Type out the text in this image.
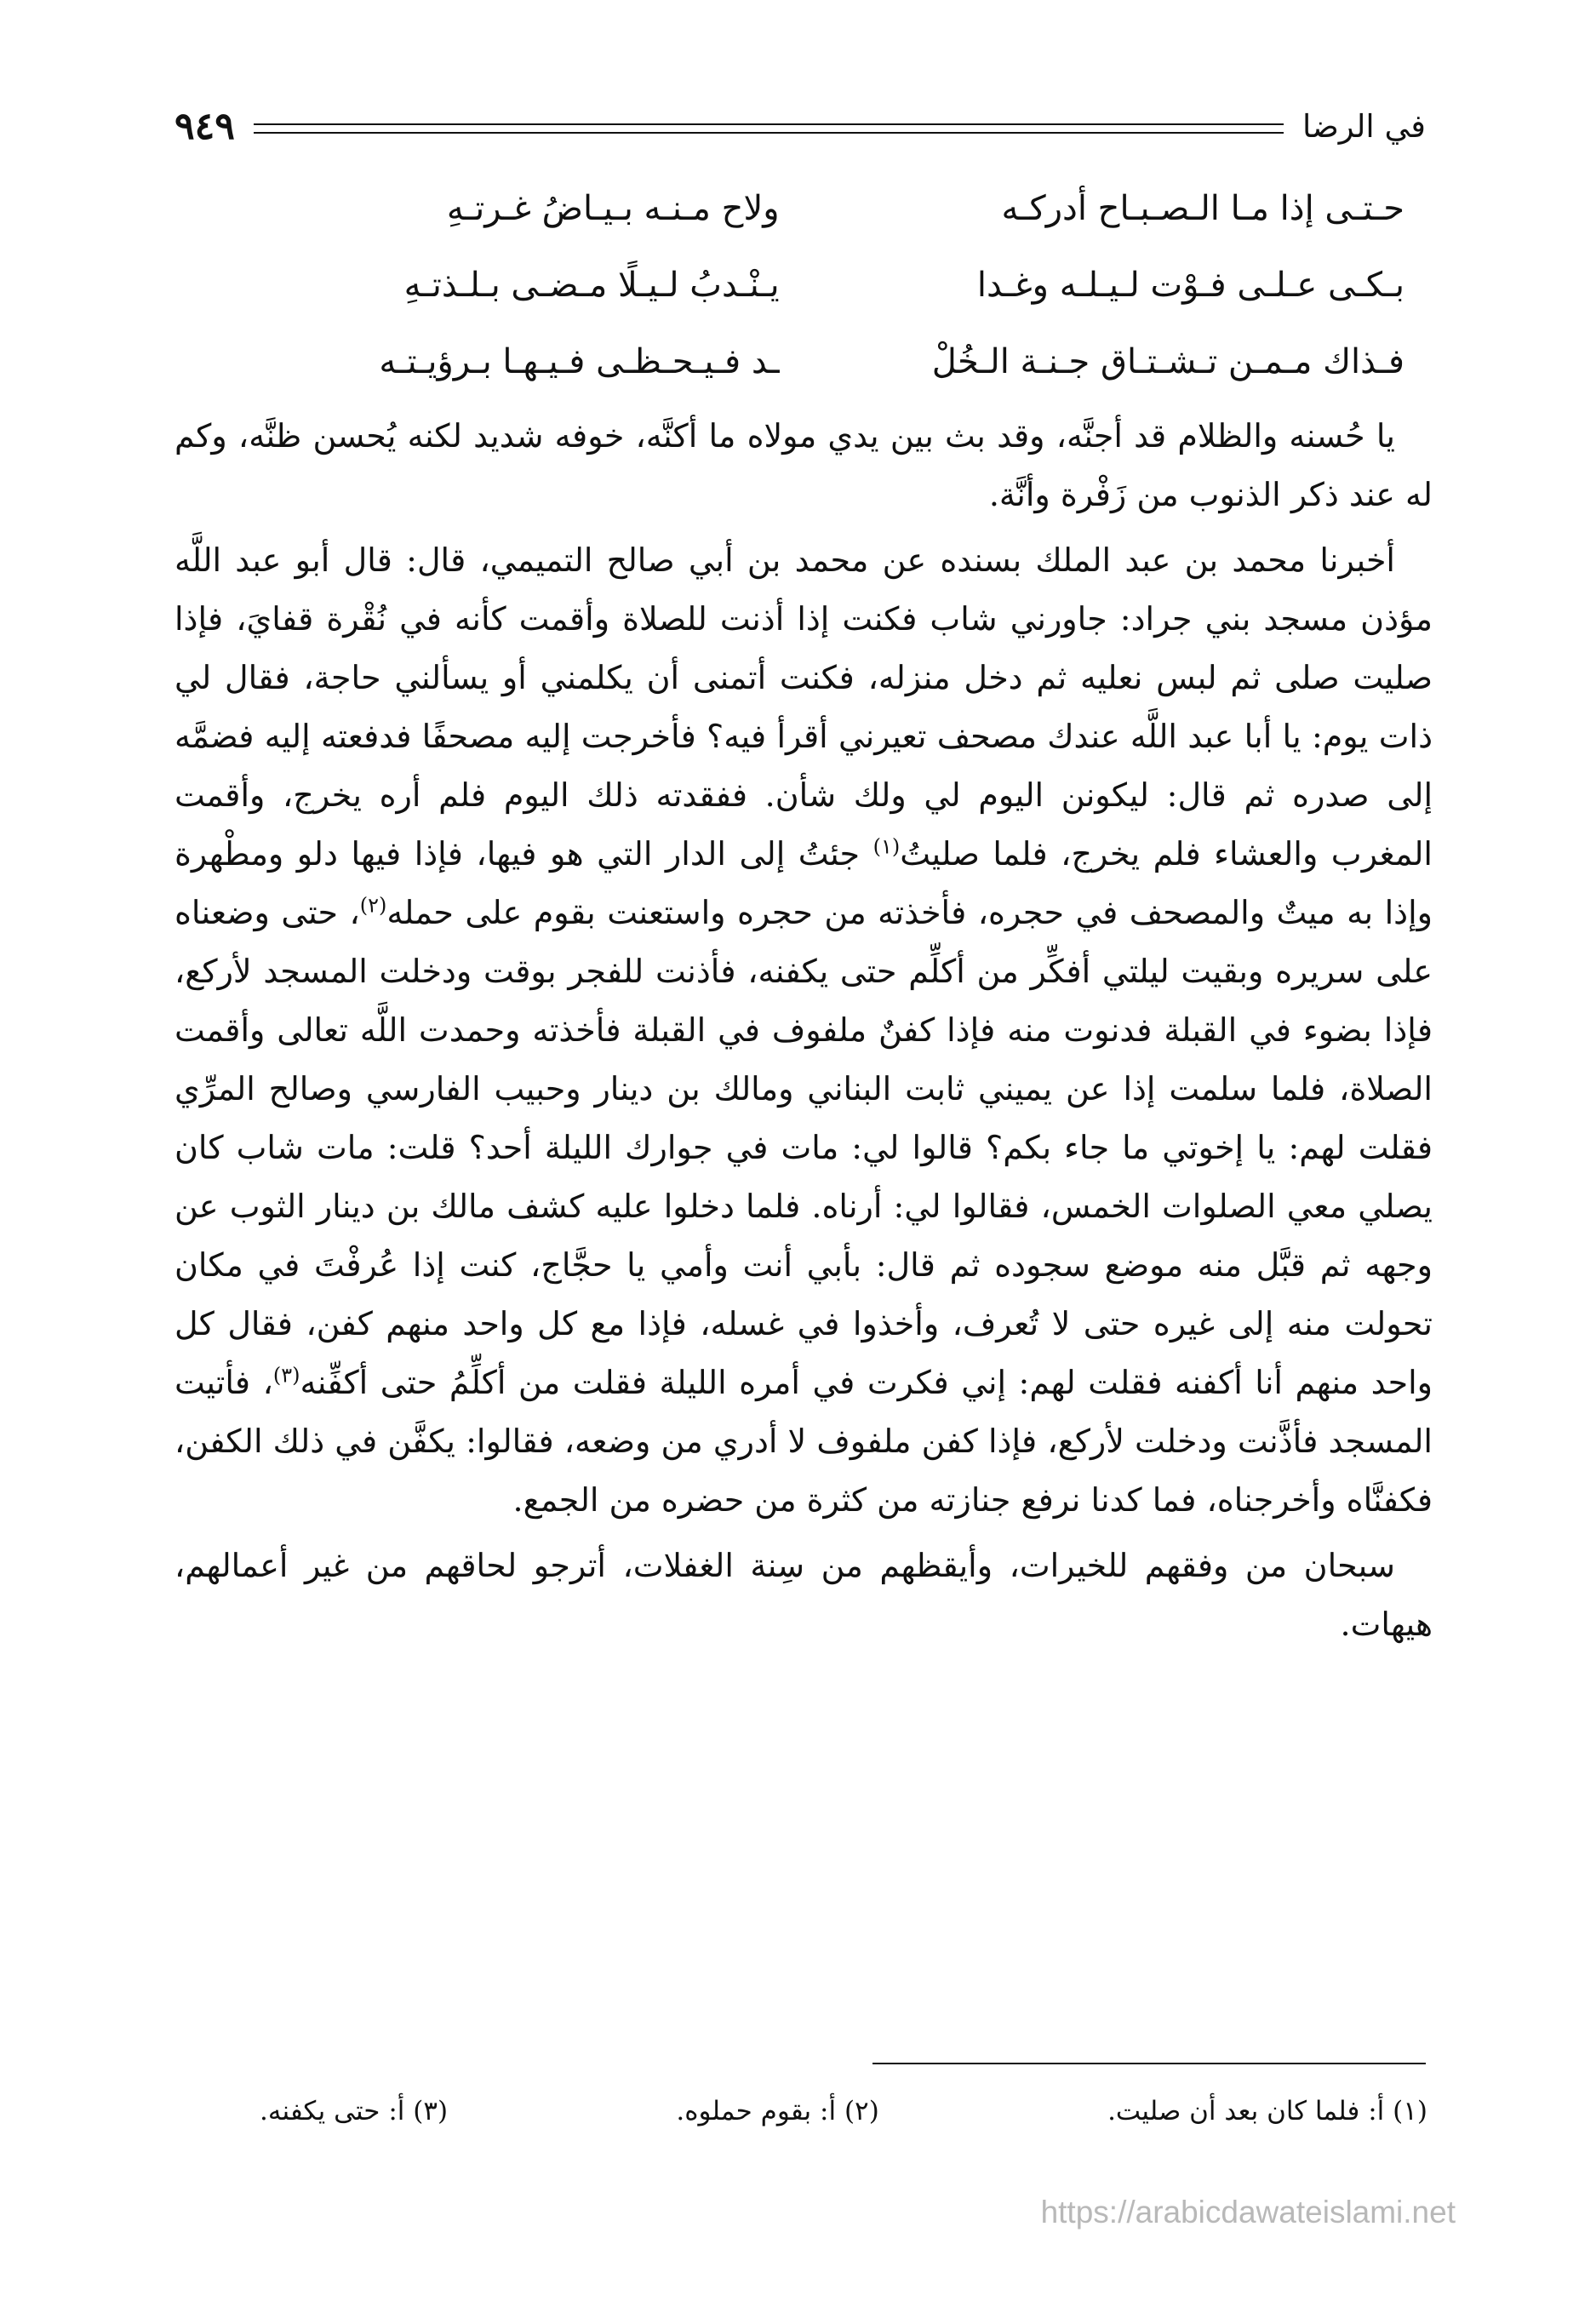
في الرضا
٩٤٩
حـتـى إذا مـا الـصـبـاح أدركـه
ولاح مـنـه بـيـاضُ غـرتـهِ
بـكـى عـلـى فـوْت لـيـلـه وغـدا
يـنْـدبُ لـيـلًا مـضـى بـلـذتـهِ
فـذاك مـمـن تـشـتـاق جـنـة الـخُلْ
ـد فـيـحـظـى فـيـهـا بـرؤيـتـه

يا حُسنه والظلام قد أجنَّه، وقد بث بين يدي مولاه ما أكنَّه، خوفه شديد لكنه يُحسن ظنَّه، وكم له عند ذكر الذنوب من زَفْرة وأنَّة.

أخبرنا محمد بن عبد الملك بسنده عن محمد بن أبي صالح التميمي، قال: قال أبو عبد اللَّه مؤذن مسجد بني جراد: جاورني شاب فكنت إذا أذنت للصلاة وأقمت كأنه في نُقْرة قفايَ، فإذا صليت صلى ثم لبس نعليه ثم دخل منزله، فكنت أتمنى أن يكلمني أو يسألني حاجة، فقال لي ذات يوم: يا أبا عبد اللَّه عندك مصحف تعيرني أقرأ فيه؟ فأخرجت إليه مصحفًا فدفعته إليه فضمَّه إلى صدره ثم قال: ليكونن اليوم لي ولك شأن. ففقدته ذلك اليوم فلم أره يخرج، وأقمت المغرب والعشاء فلم يخرج، فلما صليتُ$^{(١)}$ جئتُ إلى الدار التي هو فيها، فإذا فيها دلو ومطْهرة وإذا به ميتٌ والمصحف في حجره، فأخذته من حجره واستعنت بقوم على حمله$^{(٢)}$، حتى وضعناه على سريره وبقيت ليلتي أفكِّر من أكلِّم حتى يكفنه، فأذنت للفجر بوقت ودخلت المسجد لأركع، فإذا بضوء في القبلة فدنوت منه فإذا كفنٌ ملفوف في القبلة فأخذته وحمدت اللَّه تعالى وأقمت الصلاة، فلما سلمت إذا عن يميني ثابت البناني ومالك بن دينار وحبيب الفارسي وصالح المرِّي فقلت لهم: يا إخوتي ما جاء بكم؟ قالوا لي: مات في جوارك الليلة أحد؟ قلت: مات شاب كان يصلي معي الصلوات الخمس، فقالوا لي: أرناه. فلما دخلوا عليه كشف مالك بن دينار الثوب عن وجهه ثم قبَّل منه موضع سجوده ثم قال: بأبي أنت وأمي يا حجَّاج، كنت إذا عُرفْتَ في مكان تحولت منه إلى غيره حتى لا تُعرف، وأخذوا في غسله، فإذا مع كل واحد منهم كفن، فقال كل واحد منهم أنا أكفنه فقلت لهم: إني فكرت في أمره الليلة فقلت من أكلِّمُ حتى أكفِّنه$^{(٣)}$، فأتيت المسجد فأذَّنت ودخلت لأركع، فإذا كفن ملفوف لا أدري من وضعه، فقالوا: يكفَّن في ذلك الكفن، فكفنَّاه وأخرجناه، فما كدنا نرفع جنازته من كثرة من حضره من الجمع.

سبحان من وفقهم للخيرات، وأيقظهم من سِنة الغفلات، أترجو لحاقهم من غير أعمالهم، هيهات.

(١) أ: فلما كان بعد أن صليت.
(٢) أ: بقوم حملوه.
(٣) أ: حتى يكفنه.
https://arabicdawateislami.net
